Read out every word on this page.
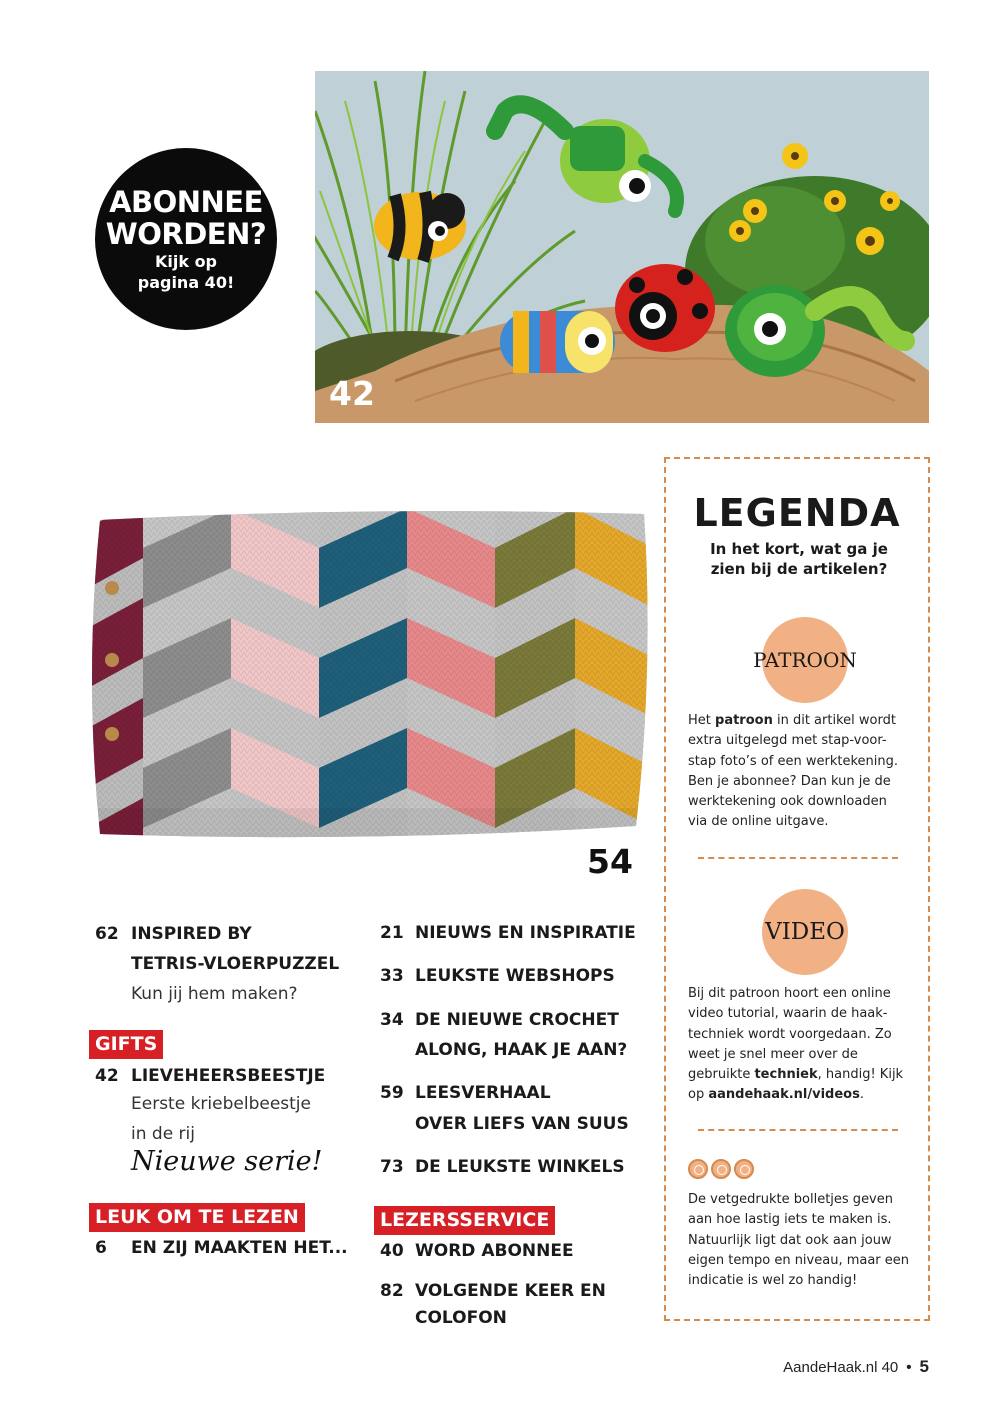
ABONNEE
WORDEN?
Kijk op
pagina 40!
42
54
LEGENDA
In het kort, wat ga je zien bij de artikelen?
PATROON
Het patroon in dit artikel wordt extra uitgelegd met stap-voor-stap foto’s of een werktekening. Ben je abonnee? Dan kun je de werktekening ook downloaden via de online uitgave.
VIDEO
Bij dit patroon hoort een online video tutorial, waarin de haak-techniek wordt voorgedaan. Zo weet je snel meer over de gebruikte techniek, handig! Kijk op aandehaak.nl/videos.
De vetgedrukte bolletjes geven aan hoe lastig iets te maken is. Natuurlijk ligt dat ook aan jouw eigen tempo en niveau, maar een indicatie is wel zo handig!
62 INSPIRED BY
TETRIS-VLOERPUZZEL
Kun jij hem maken?
GIFTS
42 LIEVEHEERSBEESTJE
Eerste kriebelbeestje
in de rij
Nieuwe serie!
LEUK OM TE LEZEN
6 EN ZIJ MAAKTEN HET...
21 NIEUWS EN INSPIRATIE
33 LEUKSTE WEBSHOPS
34 DE NIEUWE CROCHET
ALONG, HAAK JE AAN?
59 LEESVERHAAL
OVER LIEFS VAN SUUS
73 DE LEUKSTE WINKELS
LEZERSSERVICE
40 WORD ABONNEE
82 VOLGENDE KEER EN
COLOFON
AandeHaak.nl 40 • 5
